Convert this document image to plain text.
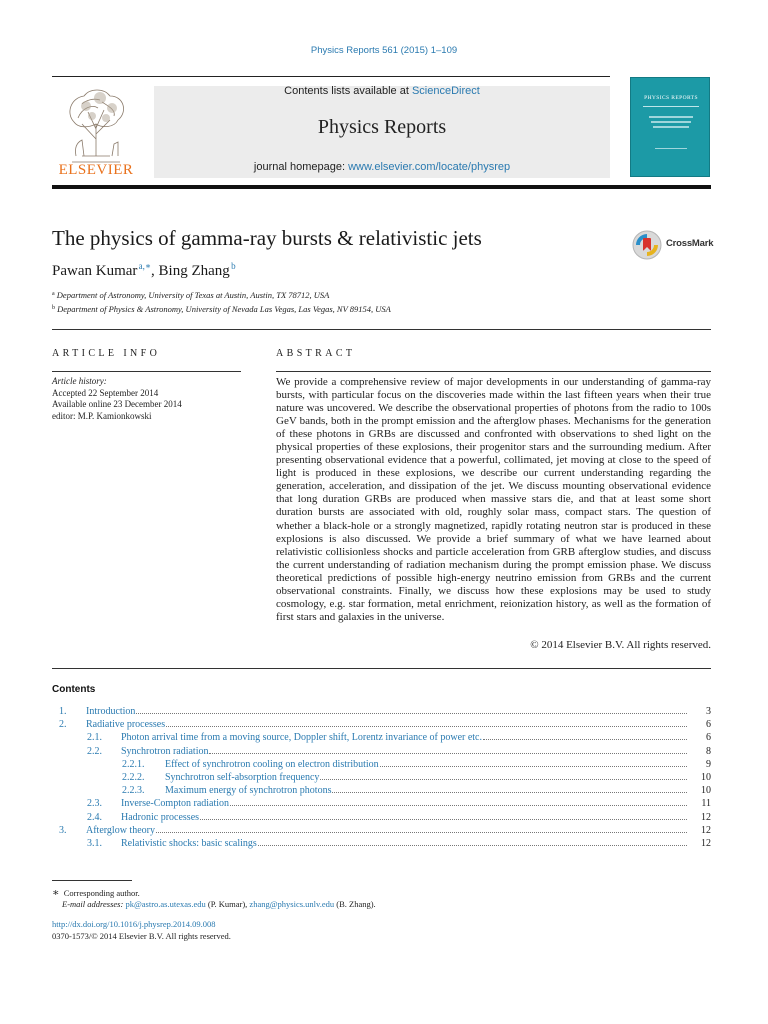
Physics Reports 561 (2015) 1–109
ELSEVIER
Contents lists available at ScienceDirect
Physics Reports
journal homepage: www.elsevier.com/locate/physrep
PHYSICS REPORTS
The physics of gamma-ray bursts & relativistic jets	CrossMark
Pawan Kumar $^{a,∗}$, Bing Zhang $^b$
$^a$ Department of Astronomy, University of Texas at Austin, Austin, TX 78712, USA
$^b$ Department of Physics & Astronomy, University of Nevada Las Vegas, Las Vegas, NV 89154, USA
ARTICLE INFO
Article history:
Accepted 22 September 2014
Available online 23 December 2014
editor: M.P. Kamionkowski
ABSTRACT
We provide a comprehensive review of major developments in our understanding of gamma-ray bursts, with particular focus on the discoveries made within the last fifteen years when their true nature was uncovered. We describe the observational properties of photons from the radio to 100s GeV bands, both in the prompt emission and the afterglow phases. Mechanisms for the generation of these photons in GRBs are discussed and confronted with observations to shed light on the physical properties of these explosions, their progenitor stars and the surrounding medium. After presenting observational evidence that a powerful, collimated, jet moving at close to the speed of light is produced in these explosions, we describe our current understanding regarding the generation, acceleration, and dissipation of the jet. We discuss mounting observational evidence that long duration GRBs are produced when massive stars die, and that at least some short duration bursts are associated with old, roughly solar mass, compact stars. The question of whether a black-hole or a strongly magnetized, rapidly rotating neutron star is produced in these explosions is also discussed. We provide a brief summary of what we have learned about relativistic collisionless shocks and particle acceleration from GRB afterglow studies, and discuss the current understanding of radiation mechanism during the prompt emission phase. We discuss theoretical predictions of possible high-energy neutrino emission from GRBs and the current observational constraints. Finally, we discuss how these explosions may be used to study cosmology, e.g. star formation, metal enrichment, reionization history, as well as the formation of first stars and galaxies in the universe.
© 2014 Elsevier B.V. All rights reserved.
Contents
1. Introduction	3
2. Radiative processes	6
2.1. Photon arrival time from a moving source, Doppler shift, Lorentz invariance of power etc.	6
2.2. Synchrotron radiation	8
2.2.1. Effect of synchrotron cooling on electron distribution	9
2.2.2. Synchrotron self-absorption frequency	10
2.2.3. Maximum energy of synchrotron photons	10
2.3. Inverse-Compton radiation	11
2.4. Hadronic processes	12
3. Afterglow theory	12
3.1. Relativistic shocks: basic scalings	12
∗ Corresponding author.
E-mail addresses: pk@astro.as.utexas.edu (P. Kumar), zhang@physics.unlv.edu (B. Zhang).
http://dx.doi.org/10.1016/j.physrep.2014.09.008
0370-1573/© 2014 Elsevier B.V. All rights reserved.
